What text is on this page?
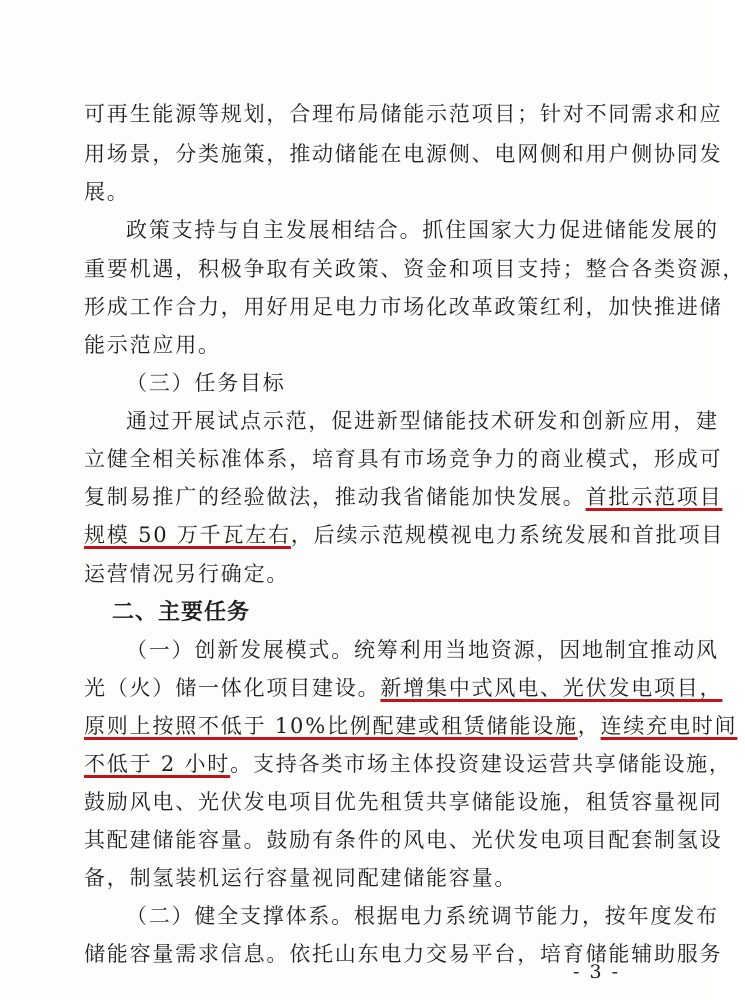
可再生能源等规划，合理布局储能示范项目；针对不同需求和应
用场景，分类施策，推动储能在电源侧、电网侧和用户侧协同发
展。
政策支持与自主发展相结合。抓住国家大力促进储能发展的
重要机遇，积极争取有关政策、资金和项目支持；整合各类资源，
形成工作合力，用好用足电力市场化改革政策红利，加快推进储
能示范应用。
（三）任务目标
通过开展试点示范，促进新型储能技术研发和创新应用，建
立健全相关标准体系，培育具有市场竞争力的商业模式，形成可
复制易推广的经验做法，推动我省储能加快发展。首批示范项目
规模 50 万千瓦左右，后续示范规模视电力系统发展和首批项目
运营情况另行确定。
二、主要任务
（一）创新发展模式。统筹利用当地资源，因地制宜推动风
光（火）储一体化项目建设。新增集中式风电、光伏发电项目，
原则上按照不低于 10%比例配建或租赁储能设施，连续充电时间
不低于 2 小时。支持各类市场主体投资建设运营共享储能设施，
鼓励风电、光伏发电项目优先租赁共享储能设施，租赁容量视同
其配建储能容量。鼓励有条件的风电、光伏发电项目配套制氢设
备，制氢装机运行容量视同配建储能容量。
（二）健全支撑体系。根据电力系统调节能力，按年度发布
储能容量需求信息。依托山东电力交易平台，培育储能辅助服务
- 3 -
